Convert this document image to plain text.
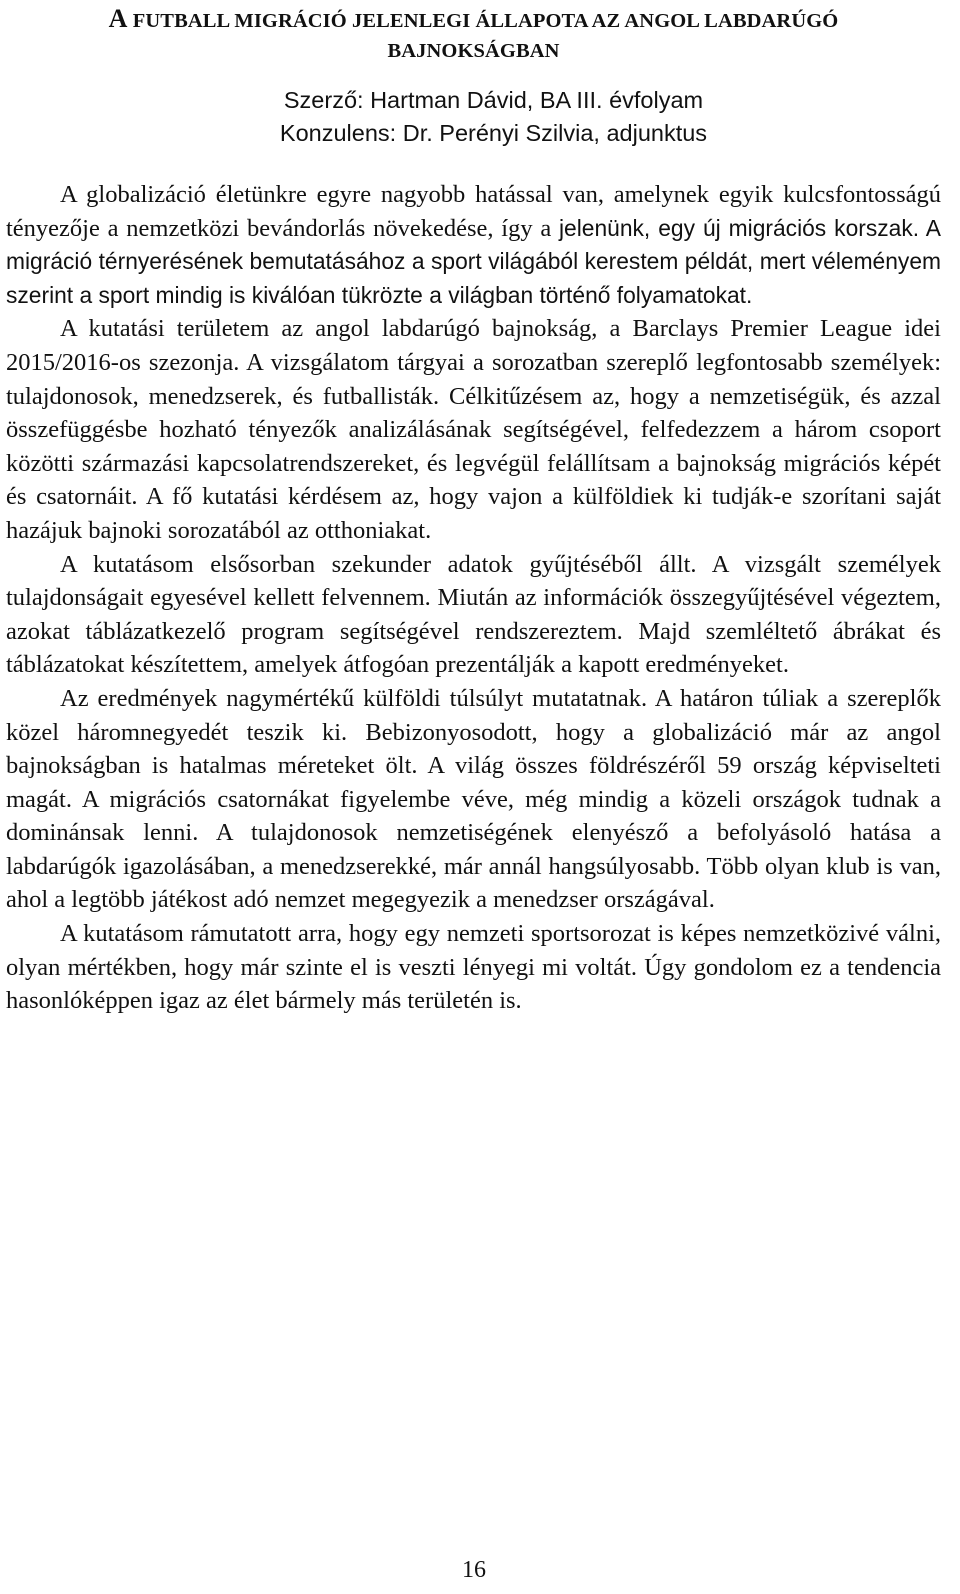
A FUTBALL MIGRÁCIÓ JELENLEGI ÁLLAPOTA AZ ANGOL LABDARÚGÓ
BAJNOKSÁGBAN
Szerző: Hartman Dávid, BA III. évfolyam
Konzulens: Dr. Perényi Szilvia, adjunktus

A globalizáció életünkre egyre nagyobb hatással van, amelynek egyik kulcsfontosságú tényezője a nemzetközi bevándorlás növekedése, így a jelenünk, egy új migrációs korszak. A migráció térnyerésének bemutatásához a sport világából kerestem példát, mert véleményem szerint a sport mindig is kiválóan tükrözte a világban történő folyamatokat.

A kutatási területem az angol labdarúgó bajnokság, a Barclays Premier League idei 2015/2016-os szezonja. A vizsgálatom tárgyai a sorozatban szereplő legfontosabb személyek: tulajdonosok, menedzserek, és futballisták. Célkitűzésem az, hogy a nemzetiségük, és azzal összefüggésbe hozható tényezők analizálásának segítségével, felfedezzem a három csoport közötti származási kapcsolatrendszereket, és legvégül felállítsam a bajnokság migrációs képét és csatornáit. A fő kutatási kérdésem az, hogy vajon a külföldiek ki tudják-e szorítani saját hazájuk bajnoki sorozatából az otthoniakat.

A kutatásom elsősorban szekunder adatok gyűjtéséből állt. A vizsgált személyek tulajdonságait egyesével kellett felvennem. Miután az információk összegyűjtésével végeztem, azokat táblázatkezelő program segítségével rendszereztem. Majd szemléltető ábrákat és táblázatokat készítettem, amelyek átfogóan prezentálják a kapott eredményeket.

Az eredmények nagymértékű külföldi túlsúlyt mutatatnak. A határon túliak a szereplők közel háromnegyedét teszik ki. Bebizonyosodott, hogy a globalizáció már az angol bajnokságban is hatalmas méreteket ölt. A világ összes földrészéről 59 ország képviselteti magát. A migrációs csatornákat figyelembe véve, még mindig a közeli országok tudnak a dominánsak lenni. A tulajdonosok nemzetiségének elenyésző a befolyásoló hatása a labdarúgók igazolásában, a menedzserekké, már annál hangsúlyosabb. Több olyan klub is van, ahol a legtöbb játékost adó nemzet megegyezik a menedzser országával.

A kutatásom rámutatott arra, hogy egy nemzeti sportsorozat is képes nemzetközivé válni, olyan mértékben, hogy már szinte el is veszti lényegi mi voltát. Úgy gondolom ez a tendencia hasonlóképpen igaz az élet bármely más területén is.

16
